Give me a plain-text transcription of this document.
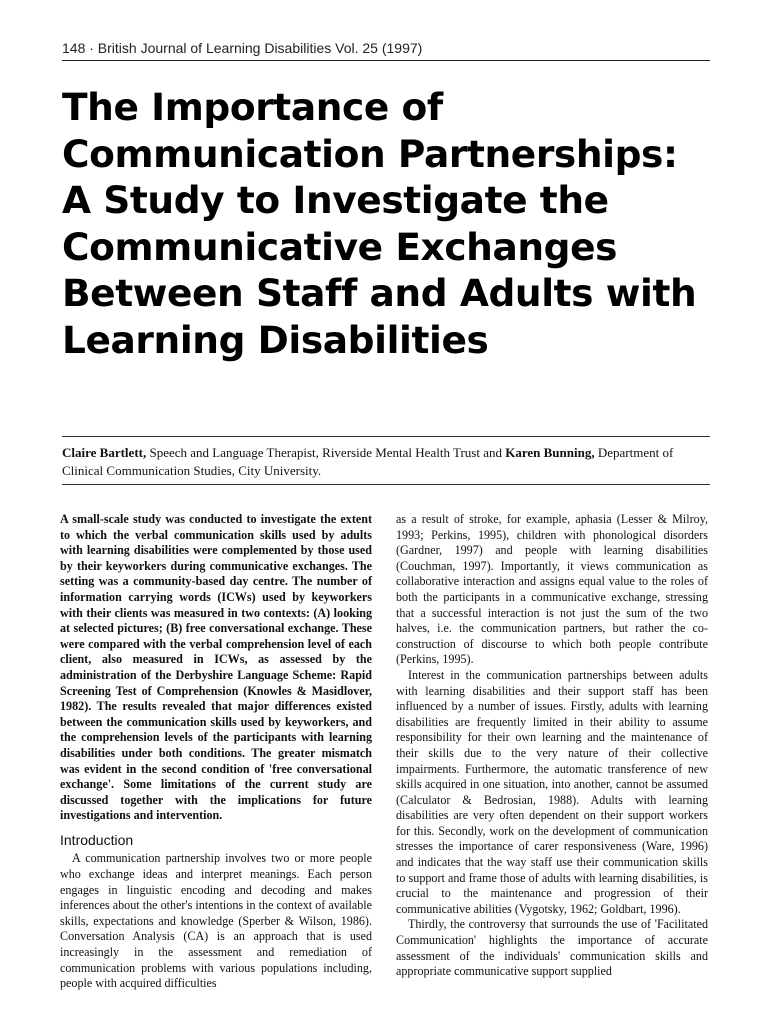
148 · British Journal of Learning Disabilities Vol. 25 (1997)
The Importance of
Communication Partnerships:
A Study to Investigate the
Communicative Exchanges
Between Staff and Adults with
Learning Disabilities
Claire Bartlett, Speech and Language Therapist, Riverside Mental Health Trust and Karen Bunning, Department of Clinical Communication Studies, City University.

A small-scale study was conducted to investigate the extent to which the verbal communication skills used by adults with learning disabilities were complemented by those used by their keyworkers during communicative exchanges. The setting was a community-based day centre. The number of information carrying words (ICWs) used by keyworkers with their clients was measured in two contexts: (A) looking at selected pictures; (B) free conversational exchange. These were compared with the verbal comprehension level of each client, also measured in ICWs, as assessed by the administration of the Derbyshire Language Scheme: Rapid Screening Test of Comprehension (Knowles & Masidlover, 1982). The results revealed that major differences existed between the communication skills used by keyworkers, and the comprehension levels of the participants with learning disabilities under both conditions. The greater mismatch was evident in the second condition of 'free conversational exchange'. Some limitations of the current study are discussed together with the implications for future investigations and intervention.

Introduction

A communication partnership involves two or more people who exchange ideas and interpret meanings. Each person engages in linguistic encoding and decoding and makes inferences about the other's intentions in the context of available skills, expectations and knowledge (Sperber & Wilson, 1986). Conversation Analysis (CA) is an approach that is used increasingly in the assessment and remediation of communication problems with various populations including, people with acquired difficulties

as a result of stroke, for example, aphasia (Lesser & Milroy, 1993; Perkins, 1995), children with phonological disorders (Gardner, 1997) and people with learning disabilities (Couchman, 1997). Importantly, it views communication as collaborative interaction and assigns equal value to the roles of both the participants in a communicative exchange, stressing that a successful interaction is not just the sum of the two halves, i.e. the communication partners, but rather the co-construction of discourse to which both people contribute (Perkins, 1995).

Interest in the communication partnerships between adults with learning disabilities and their support staff has been influenced by a number of issues. Firstly, adults with learning disabilities are frequently limited in their ability to assume responsibility for their own learning and the maintenance of their skills due to the very nature of their collective impairments. Furthermore, the automatic transference of new skills acquired in one situation, into another, cannot be assumed (Calculator & Bedrosian, 1988). Adults with learning disabilities are very often dependent on their support workers for this. Secondly, work on the development of communication stresses the importance of carer responsiveness (Ware, 1996) and indicates that the way staff use their communication skills to support and frame those of adults with learning disabilities, is crucial to the maintenance and progression of their communicative abilities (Vygotsky, 1962; Goldbart, 1996).

Thirdly, the controversy that surrounds the use of 'Facilitated Communication' highlights the importance of accurate assessment of the individuals' communication skills and appropriate communicative support supplied
